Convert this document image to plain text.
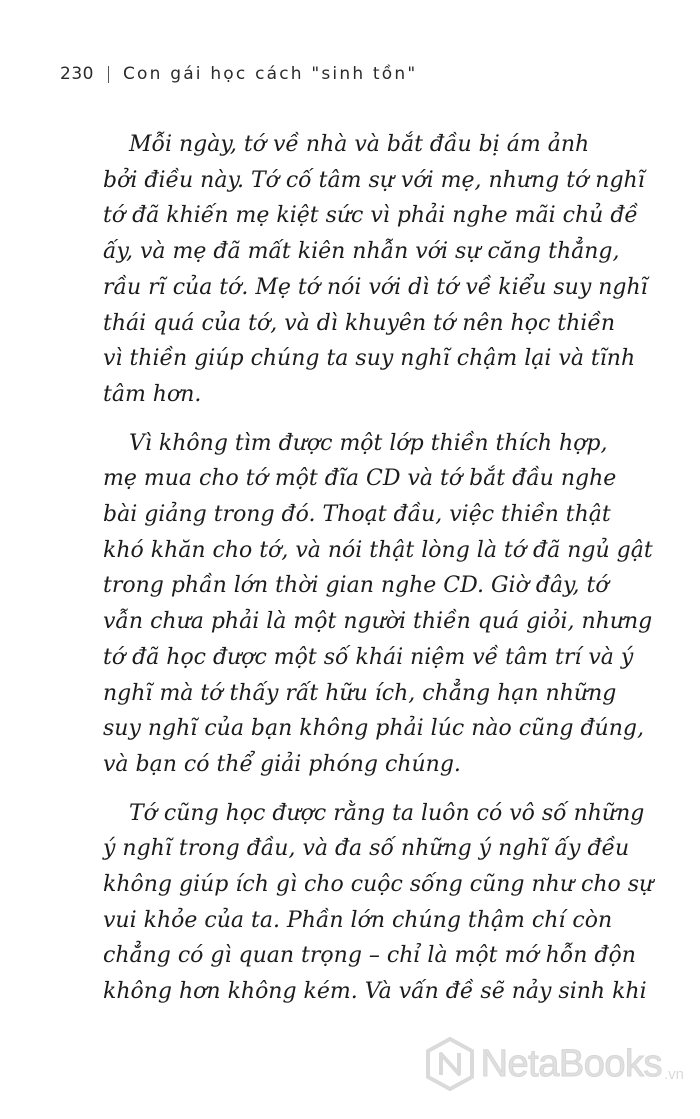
230 Con gái học cách "sinh tồn"
Mỗi ngày, tớ về nhà và bắt đầu bị ám ảnh
bởi điều này. Tớ cố tâm sự với mẹ, nhưng tớ nghĩ
tớ đã khiến mẹ kiệt sức vì phải nghe mãi chủ đề
ấy, và mẹ đã mất kiên nhẫn với sự căng thẳng,
rầu rĩ của tớ. Mẹ tớ nói với dì tớ về kiểu suy nghĩ
thái quá của tớ, và dì khuyên tớ nên học thiền
vì thiền giúp chúng ta suy nghĩ chậm lại và tĩnh
tâm hơn.
Vì không tìm được một lớp thiền thích hợp,
mẹ mua cho tớ một đĩa CD và tớ bắt đầu nghe
bài giảng trong đó. Thoạt đầu, việc thiền thật
khó khăn cho tớ, và nói thật lòng là tớ đã ngủ gật
trong phần lớn thời gian nghe CD. Giờ đây, tớ
vẫn chưa phải là một người thiền quá giỏi, nhưng
tớ đã học được một số khái niệm về tâm trí và ý
nghĩ mà tớ thấy rất hữu ích, chẳng hạn những
suy nghĩ của bạn không phải lúc nào cũng đúng,
và bạn có thể giải phóng chúng.
Tớ cũng học được rằng ta luôn có vô số những
ý nghĩ trong đầu, và đa số những ý nghĩ ấy đều
không giúp ích gì cho cuộc sống cũng như cho sự
vui khỏe của ta. Phần lớn chúng thậm chí còn
chẳng có gì quan trọng – chỉ là một mớ hỗn độn
không hơn không kém. Và vấn đề sẽ nảy sinh khi
NetaBooks .vn
